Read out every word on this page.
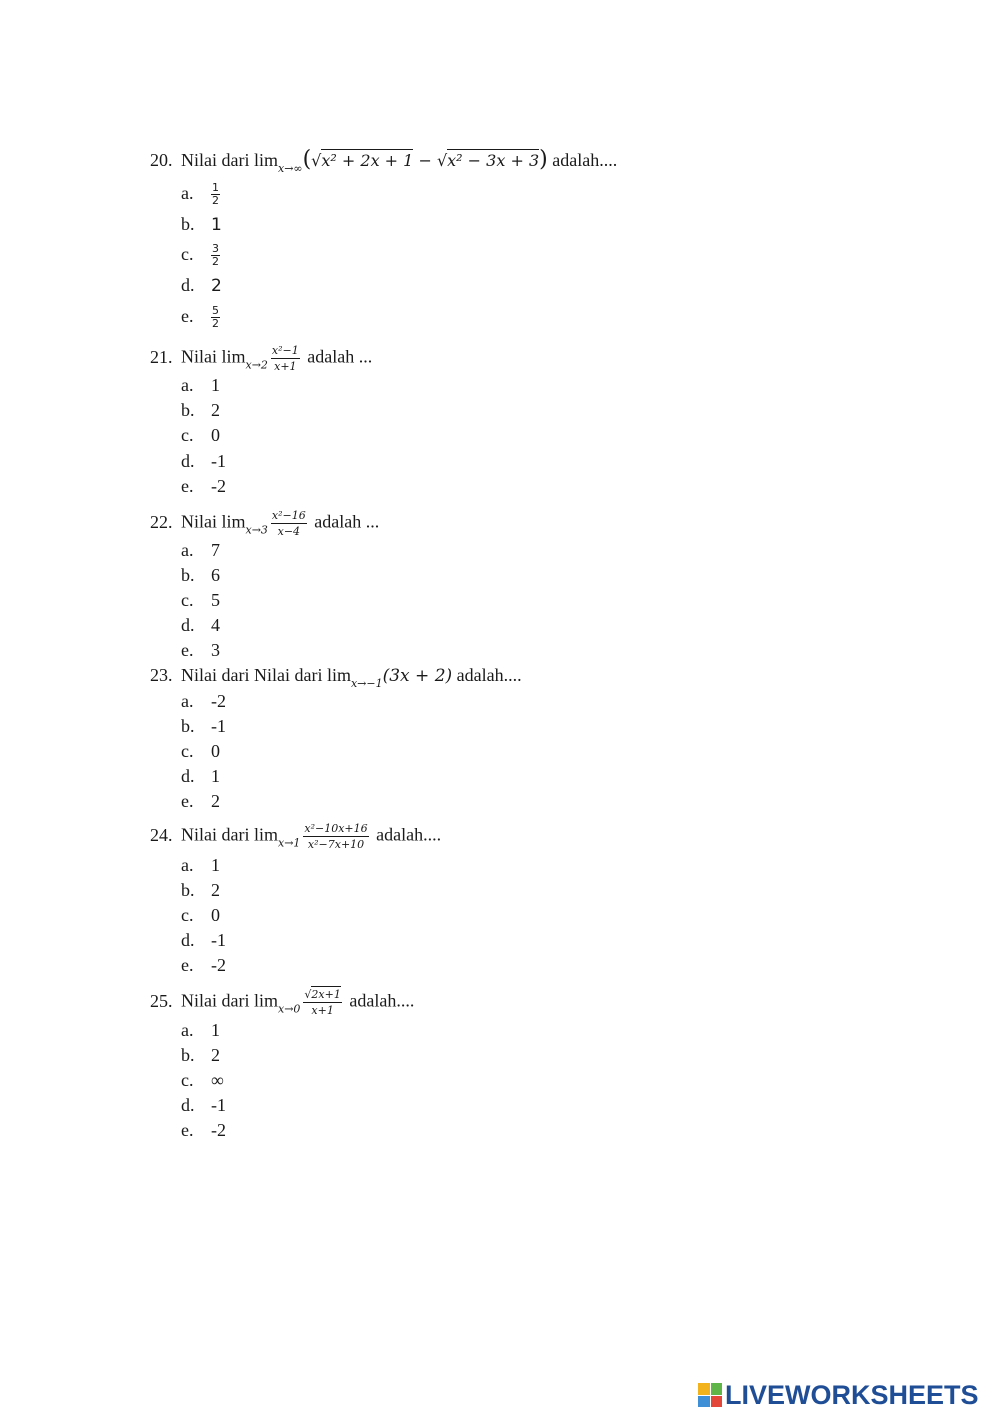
20. Nilai dari $\lim_{x\to\infty}(√x^2 + 2x + 1 - √x^2 - 3x + 3)$ adalah....
a. $\frac{1}{2}$
b. 1
c. $\frac{3}{2}$
d. 2
e. $\frac{5}{2}$
21. Nilai $\lim_{x\to 2} \frac{\text{x²−1}}{x+1}$ adalah ...
a. 1
b. 2
c. 0
d. -1
e. -2
22. Nilai $\lim_{x\to 3} \frac{\text{x²−16}}{x-4}$ adalah ...
a. 7
b. 6
c. 5
d. 4
e. 3
23. Nilai dari Nilai dari $\lim_{x\to-1}(3x + 2)$ adalah....
a. -2
b. -1
c. 0
d. 1
e. 2
24. Nilai dari $\lim_{x\to 1} \frac{\text{x²−10x+16}}{\text{x²−7x+10}}$ adalah....
a. 1
b. 2
c. 0
d. -1
e. -2
25. Nilai dari $\lim_{x\to 0} \frac{√2x+1}{x+1}$ adalah....
a. 1
b. 2
c. ∞
d. -1
e. -2
LIVEWORKSHEETS
